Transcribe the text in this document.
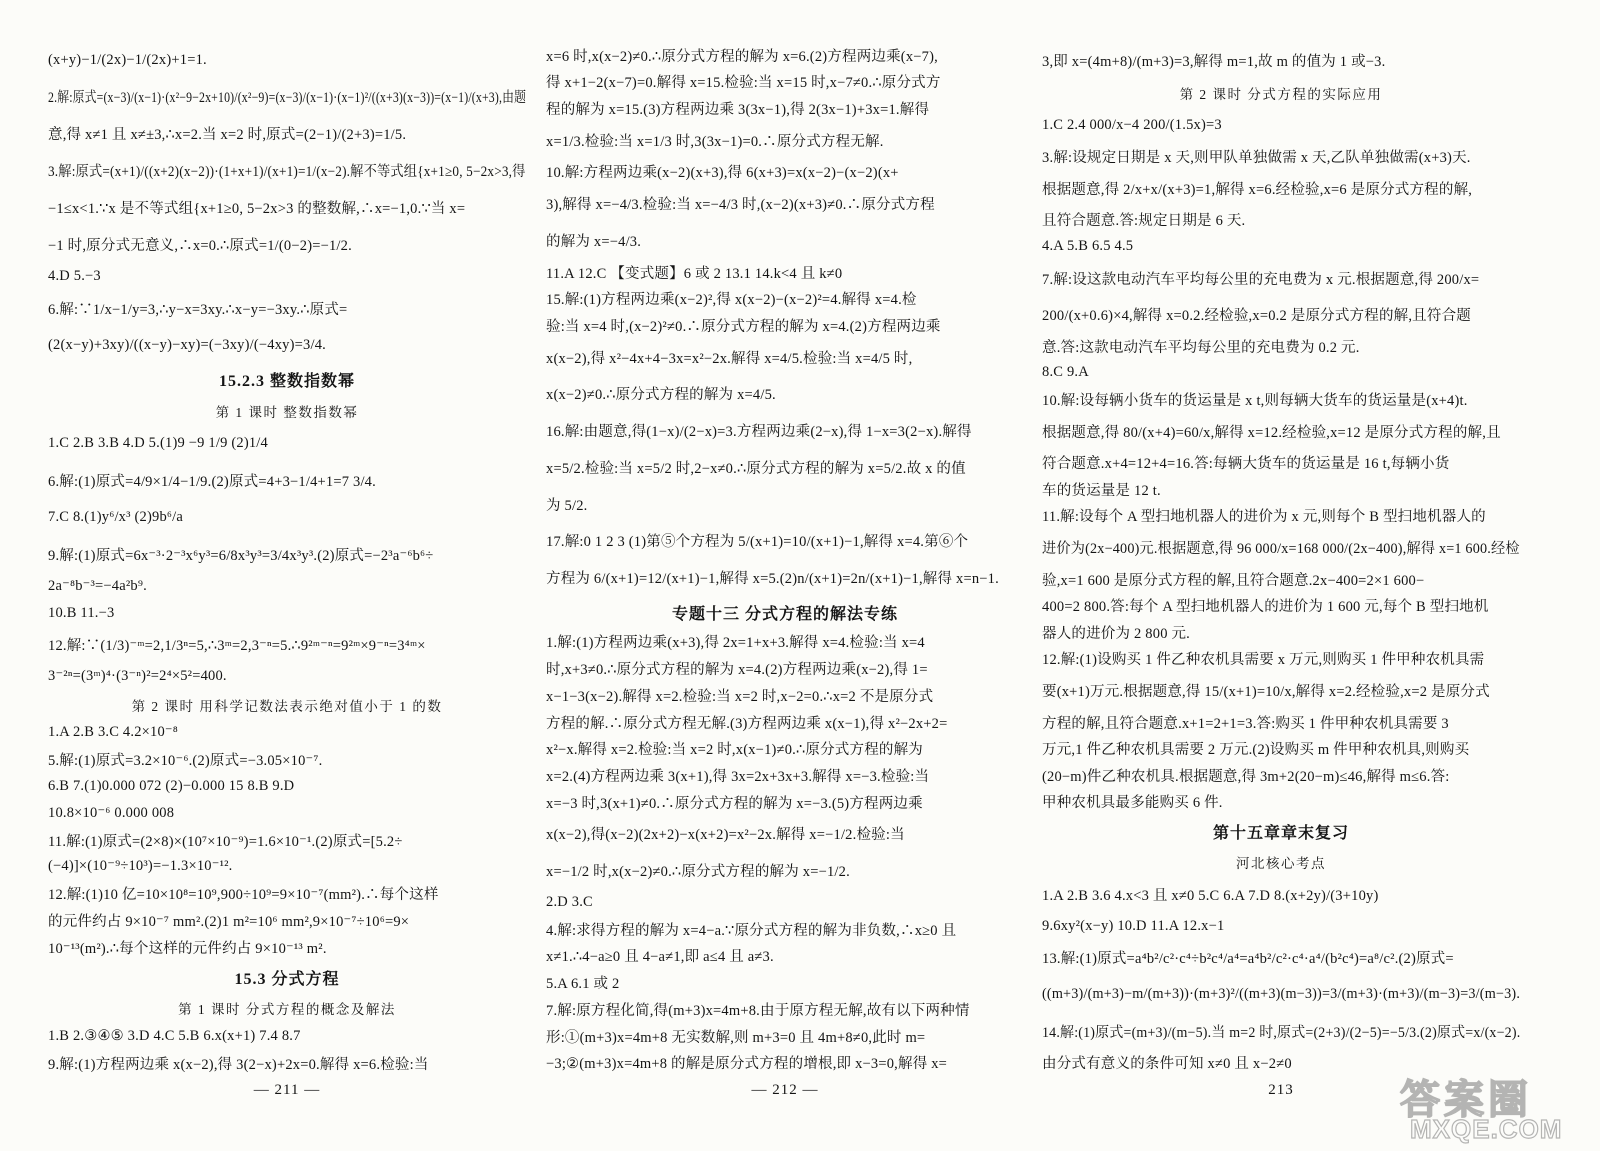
(x+y)−1/(2x)−1/(2x)+1=1.
2.解:原式=(x−3)/(x−1)·(x²−9−2x+10)/(x²−9)=(x−3)/(x−1)·(x−1)²/((x+3)(x−3))=(x−1)/(x+3),由题
意,得 x≠1 且 x≠±3,∴x=2.当 x=2 时,原式=(2−1)/(2+3)=1/5.
3.解:原式=(x+1)/((x+2)(x−2))·(1+x+1)/(x+1)=1/(x−2).解不等式组{x+1≥0, 5−2x>3,得
−1≤x<1.∵x 是不等式组{x+1≥0, 5−2x>3 的整数解,∴x=−1,0.∵当 x=
−1 时,原分式无意义,∴x=0.∴原式=1/(0−2)=−1/2.
4.D 5.−3
6.解:∵1/x−1/y=3,∴y−x=3xy.∴x−y=−3xy.∴原式=
(2(x−y)+3xy)/((x−y)−xy)=(−3xy)/(−4xy)=3/4.
15.2.3 整数指数幂
第 1 课时 整数指数幂
1.C 2.B 3.B 4.D 5.(1)9 −9 1/9 (2)1/4
6.解:(1)原式=4/9×1/4−1/9.(2)原式=4+3−1/4+1=7 3/4.
7.C 8.(1)y⁶/x³ (2)9b⁶/a
9.解:(1)原式=6x⁻³·2⁻³x⁶y³=6/8x³y³=3/4x³y³.(2)原式=−2³a⁻⁶b⁶÷
2a⁻⁸b⁻³=−4a²b⁹.
10.B 11.−3
12.解:∵(1/3)⁻ᵐ=2,1/3ⁿ=5,∴3ᵐ=2,3⁻ⁿ=5.∴9²ᵐ⁻ⁿ=9²ᵐ×9⁻ⁿ=3⁴ᵐ×
3⁻²ⁿ=(3ᵐ)⁴·(3⁻ⁿ)²=2⁴×5²=400.
第 2 课时 用科学记数法表示绝对值小于 1 的数
1.A 2.B 3.C 4.2×10⁻⁸
5.解:(1)原式=3.2×10⁻⁶.(2)原式=−3.05×10⁻⁷.
6.B 7.(1)0.000 072 (2)−0.000 15 8.B 9.D
10.8×10⁻⁶ 0.000 008
11.解:(1)原式=(2×8)×(10⁷×10⁻⁹)=1.6×10⁻¹.(2)原式=[5.2÷
(−4)]×(10⁻⁹÷10³)=−1.3×10⁻¹².
12.解:(1)10 亿=10×10⁸=10⁹,900÷10⁹=9×10⁻⁷(mm²).∴每个这样
的元件约占 9×10⁻⁷ mm².(2)1 m²=10⁶ mm²,9×10⁻⁷÷10⁶=9×
10⁻¹³(m²).∴每个这样的元件约占 9×10⁻¹³ m².
15.3 分式方程
第 1 课时 分式方程的概念及解法
1.B 2.③④⑤ 3.D 4.C 5.B 6.x(x+1) 7.4 8.7
9.解:(1)方程两边乘 x(x−2),得 3(2−x)+2x=0.解得 x=6.检验:当
x=6 时,x(x−2)≠0.∴原分式方程的解为 x=6.(2)方程两边乘(x−7),
得 x+1−2(x−7)=0.解得 x=15.检验:当 x=15 时,x−7≠0.∴原分式方
程的解为 x=15.(3)方程两边乘 3(3x−1),得 2(3x−1)+3x=1.解得
x=1/3.检验:当 x=1/3 时,3(3x−1)=0.∴原分式方程无解.
10.解:方程两边乘(x−2)(x+3),得 6(x+3)=x(x−2)−(x−2)(x+
3),解得 x=−4/3.检验:当 x=−4/3 时,(x−2)(x+3)≠0.∴原分式方程
的解为 x=−4/3.
11.A 12.C 【变式题】6 或 2 13.1 14.k<4 且 k≠0
15.解:(1)方程两边乘(x−2)²,得 x(x−2)−(x−2)²=4.解得 x=4.检
验:当 x=4 时,(x−2)²≠0.∴原分式方程的解为 x=4.(2)方程两边乘
x(x−2),得 x²−4x+4−3x=x²−2x.解得 x=4/5.检验:当 x=4/5 时,
x(x−2)≠0.∴原分式方程的解为 x=4/5.
16.解:由题意,得(1−x)/(2−x)=3.方程两边乘(2−x),得 1−x=3(2−x).解得
x=5/2.检验:当 x=5/2 时,2−x≠0.∴原分式方程的解为 x=5/2.故 x 的值
为 5/2.
17.解:0 1 2 3 (1)第⑤个方程为 5/(x+1)=10/(x+1)−1,解得 x=4.第⑥个
方程为 6/(x+1)=12/(x+1)−1,解得 x=5.(2)n/(x+1)=2n/(x+1)−1,解得 x=n−1.
专题十三 分式方程的解法专练
1.解:(1)方程两边乘(x+3),得 2x=1+x+3.解得 x=4.检验:当 x=4
时,x+3≠0.∴原分式方程的解为 x=4.(2)方程两边乘(x−2),得 1=
x−1−3(x−2).解得 x=2.检验:当 x=2 时,x−2=0.∴x=2 不是原分式
方程的解.∴原分式方程无解.(3)方程两边乘 x(x−1),得 x²−2x+2=
x²−x.解得 x=2.检验:当 x=2 时,x(x−1)≠0.∴原分式方程的解为
x=2.(4)方程两边乘 3(x+1),得 3x=2x+3x+3.解得 x=−3.检验:当
x=−3 时,3(x+1)≠0.∴原分式方程的解为 x=−3.(5)方程两边乘
x(x−2),得(x−2)(2x+2)−x(x+2)=x²−2x.解得 x=−1/2.检验:当
x=−1/2 时,x(x−2)≠0.∴原分式方程的解为 x=−1/2.
2.D 3.C
4.解:求得方程的解为 x=4−a.∵原分式方程的解为非负数,∴x≥0 且
x≠1.∴4−a≥0 且 4−a≠1,即 a≤4 且 a≠3.
5.A 6.1 或 2
7.解:原方程化简,得(m+3)x=4m+8.由于原方程无解,故有以下两种情
形:①(m+3)x=4m+8 无实数解,则 m+3=0 且 4m+8≠0,此时 m=
−3;②(m+3)x=4m+8 的解是原分式方程的增根,即 x−3=0,解得 x=
3,即 x=(4m+8)/(m+3)=3,解得 m=1,故 m 的值为 1 或−3.
第 2 课时 分式方程的实际应用
1.C 2.4 000/x−4 200/(1.5x)=3
3.解:设规定日期是 x 天,则甲队单独做需 x 天,乙队单独做需(x+3)天.
根据题意,得 2/x+x/(x+3)=1,解得 x=6.经检验,x=6 是原分式方程的解,
且符合题意.答:规定日期是 6 天.
4.A 5.B 6.5 4.5
7.解:设这款电动汽车平均每公里的充电费为 x 元.根据题意,得 200/x=
200/(x+0.6)×4,解得 x=0.2.经检验,x=0.2 是原分式方程的解,且符合题
意.答:这款电动汽车平均每公里的充电费为 0.2 元.
8.C 9.A
10.解:设每辆小货车的货运量是 x t,则每辆大货车的货运量是(x+4)t.
根据题意,得 80/(x+4)=60/x,解得 x=12.经检验,x=12 是原分式方程的解,且
符合题意.x+4=12+4=16.答:每辆大货车的货运量是 16 t,每辆小货
车的货运量是 12 t.
11.解:设每个 A 型扫地机器人的进价为 x 元,则每个 B 型扫地机器人的
进价为(2x−400)元.根据题意,得 96 000/x=168 000/(2x−400),解得 x=1 600.经检
验,x=1 600 是原分式方程的解,且符合题意.2x−400=2×1 600−
400=2 800.答:每个 A 型扫地机器人的进价为 1 600 元,每个 B 型扫地机
器人的进价为 2 800 元.
12.解:(1)设购买 1 件乙种农机具需要 x 万元,则购买 1 件甲种农机具需
要(x+1)万元.根据题意,得 15/(x+1)=10/x,解得 x=2.经检验,x=2 是原分式
方程的解,且符合题意.x+1=2+1=3.答:购买 1 件甲种农机具需要 3
万元,1 件乙种农机具需要 2 万元.(2)设购买 m 件甲种农机具,则购买
(20−m)件乙种农机具.根据题意,得 3m+2(20−m)≤46,解得 m≤6.答:
甲种农机具最多能购买 6 件.
第十五章章末复习
河北核心考点
1.A 2.B 3.6 4.x<3 且 x≠0 5.C 6.A 7.D 8.(x+2y)/(3+10y)
9.6xy²(x−y) 10.D 11.A 12.x−1
13.解:(1)原式=a⁴b²/c²·c⁴÷b²c⁴/a⁴=a⁴b²/c²·c⁴·a⁴/(b²c⁴)=a⁸/c².(2)原式=
((m+3)/(m+3)−m/(m+3))·(m+3)²/((m+3)(m−3))=3/(m+3)·(m+3)/(m−3)=3/(m−3).
14.解:(1)原式=(m+3)/(m−5).当 m=2 时,原式=(2+3)/(2−5)=−5/3.(2)原式=x/(x−2).
由分式有意义的条件可知 x≠0 且 x−2≠0
— 211 —	— 212 —	213	答案圈
MXQE.COM
